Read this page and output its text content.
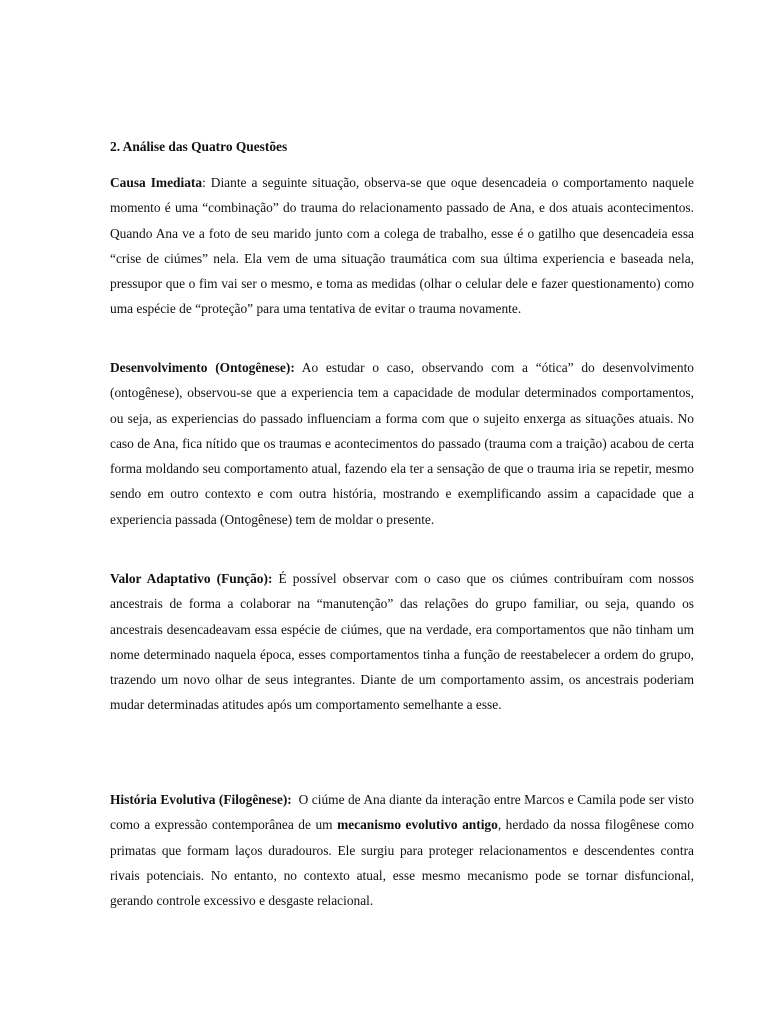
2. Análise das Quatro Questões

Causa Imediata: Diante a seguinte situação, observa-se que oque desencadeia o comportamento naquele momento é uma “combinação” do trauma do relacionamento passado de Ana, e dos atuais acontecimentos. Quando Ana ve a foto de seu marido junto com a colega de trabalho, esse é o gatilho que desencadeia essa “crise de ciúmes” nela. Ela vem de uma situação traumática com sua última experiencia e baseada nela, pressupor que o fim vai ser o mesmo, e toma as medidas (olhar o celular dele e fazer questionamento) como uma espécie de “proteção” para uma tentativa de evitar o trauma novamente.

Desenvolvimento (Ontogênese): Ao estudar o caso, observando com a “ótica” do desenvolvimento (ontogênese), observou-se que a experiencia tem a capacidade de modular determinados comportamentos, ou seja, as experiencias do passado influenciam a forma com que o sujeito enxerga as situações atuais. No caso de Ana, fica nítido que os traumas e acontecimentos do passado (trauma com a traição) acabou de certa forma moldando seu comportamento atual, fazendo ela ter a sensação de que o trauma iria se repetir, mesmo sendo em outro contexto e com outra história, mostrando e exemplificando assim a capacidade que a experiencia passada (Ontogênese) tem de moldar o presente.

Valor Adaptativo (Função): É possível observar com o caso que os ciúmes contribuíram com nossos ancestrais de forma a colaborar na “manutenção” das relações do grupo familiar, ou seja, quando os ancestrais desencadeavam essa espécie de ciúmes, que na verdade, era comportamentos que não tinham um nome determinado naquela época, esses comportamentos tinha a função de reestabelecer a ordem do grupo, trazendo um novo olhar de seus integrantes. Diante de um comportamento assim, os ancestrais poderiam mudar determinadas atitudes após um comportamento semelhante a esse.

História Evolutiva (Filogênese):  O ciúme de Ana diante da interação entre Marcos e Camila pode ser visto como a expressão contemporânea de um mecanismo evolutivo antigo, herdado da nossa filogênese como primatas que formam laços duradouros. Ele surgiu para proteger relacionamentos e descendentes contra rivais potenciais. No entanto, no contexto atual, esse mesmo mecanismo pode se tornar disfuncional, gerando controle excessivo e desgaste relacional.
